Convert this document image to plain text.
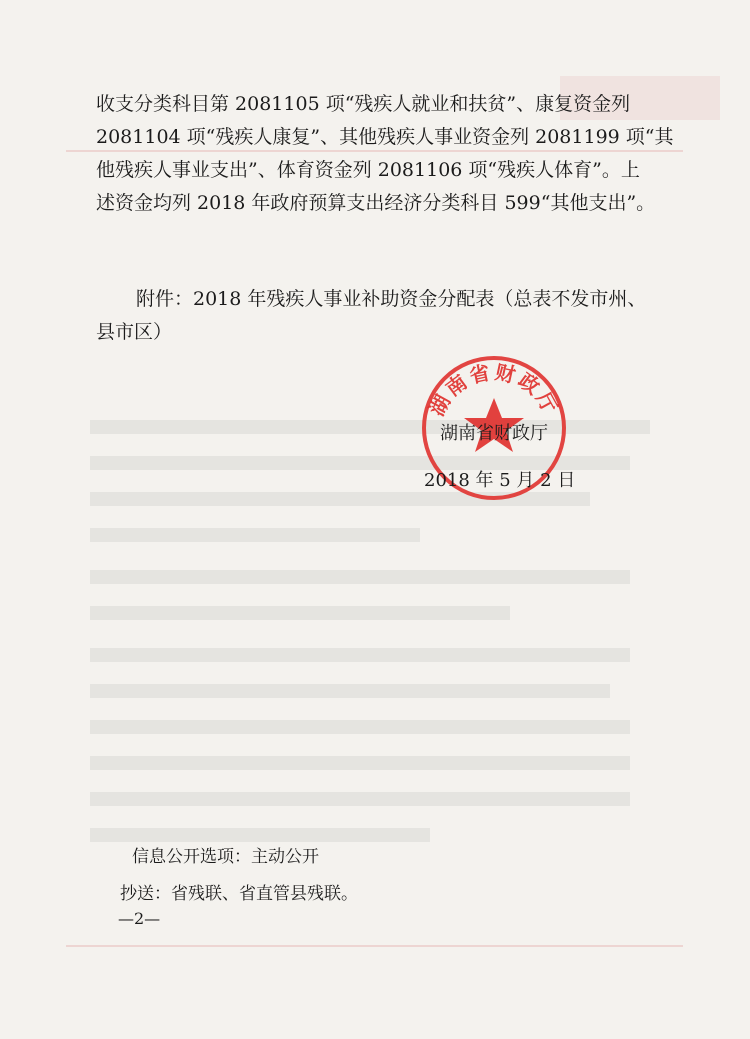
收支分类科目第 2081105 项“残疾人就业和扶贫”、康复资金列
2081104 项“残疾人康复”、其他残疾人事业资金列 2081199 项“其
他残疾人事业支出”、体育资金列 2081106 项“残疾人体育”。上
述资金均列 2018 年政府预算支出经济分类科目 599“其他支出”。
附件：2018 年残疾人事业补助资金分配表（总表不发市州、
县市区）
湖南省财政厅
湖南省财政厅
2018 年 5 月 2 日
信息公开选项：主动公开
抄送：省残联、省直管县残联。
—2—
